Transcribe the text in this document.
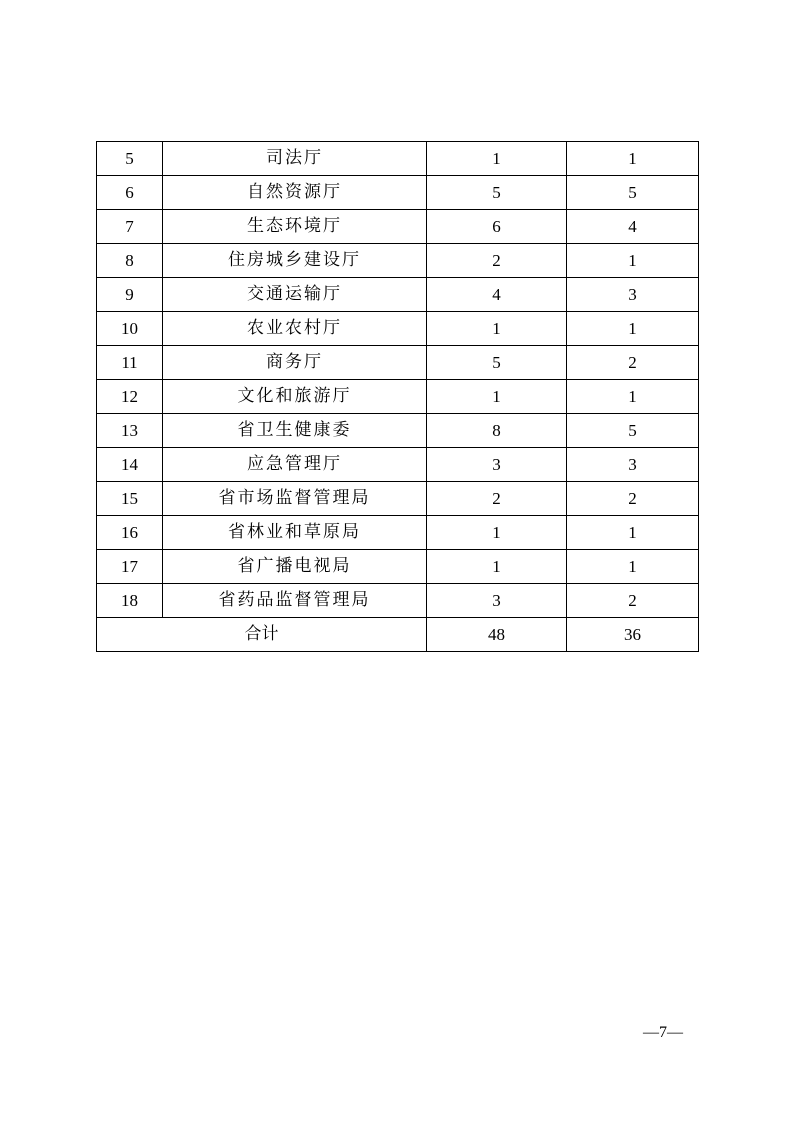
5	司法厅	1	1
6	自然资源厅	5	5
7	生态环境厅	6	4
8	住房城乡建设厅	2	1
9	交通运输厅	4	3
10	农业农村厅	1	1
11	商务厅	5	2
12	文化和旅游厅	1	1
13	省卫生健康委	8	5
14	应急管理厅	3	3
15	省市场监督管理局	2	2
16	省林业和草原局	1	1
17	省广播电视局	1	1
18	省药品监督管理局	3	2
合计		48	36
—7—
